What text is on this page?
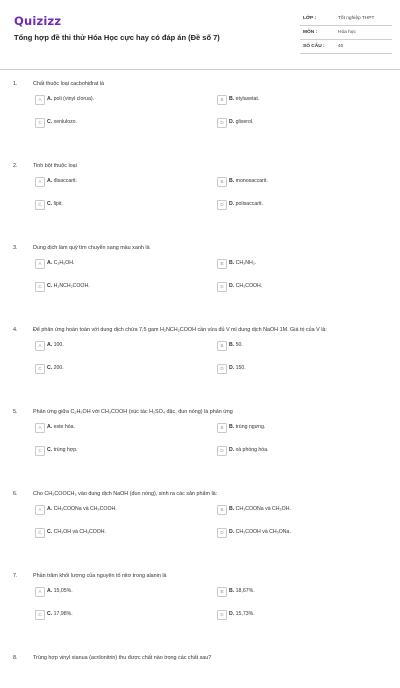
Quizizz
Tổng hợp đề thi thử Hóa Học cực hay có đáp án (Đề số 7)
LỚP :	Tốt nghiệp THPT
MÔN :	Hóa học
SỐ CÂU :	40
1.	Chất thuộc loại cacbohiđrat là
A	A. poli (vinyl clorua).	B	B. etylaxetat.
C	C. xenlulozo.	D	D. glixerol.
2.	Tinh bột thuộc loại
A	A. đisaccarit.	B	B. monosaccarit.
C	C. lipit.	D	D. polisaccarit.
3.	Dung dịch làm quỳ tím chuyển sang màu xanh là
A	A. C₂H₅OH.	B	B. CH₃NH₂.
C	C. H₂NCH₂COOH.	D	D. CH₃COOH.
4.	Để phản ứng hoàn toàn với dung dịch chứa 7,5 gam H₂NCH₂COOH cần vừa đủ V ml dung dịch NaOH 1M. Giá trị của V là:
A	A. 100.	B	B. 50.
C	C. 200.	D	D. 150.
5.	Phản ứng giữa C₂H₅OH với CH₃COOH (xúc tác H₂SO₄ đặc, đun nóng) là phản ứng
A	A. este hóa.	B	B. trùng ngưng.
C	C. trùng hợp.	D	D. xà phòng hóa.
6.	Cho CH₃COOCH₃ vào dung dịch NaOH (đun nóng), sinh ra các sản phẩm là:
A	A. CH₃COONa và CH₃COOH.	B	B. CH₃COONa và CH₃OH.
C	C. CH₃OH và CH₃COOH.	D	D. CH₃COOH và CH₃ONa.
7.	Phần trăm khối lượng của nguyên tố nitơ trong alanin là
A	A. 15,05%.	B	B. 18,67%.
C	C. 17,98%.	D	D. 15,73%.
8.	Trùng hợp vinyl xianua (acrilonitrin) thu được chất nào trong các chất sau?
